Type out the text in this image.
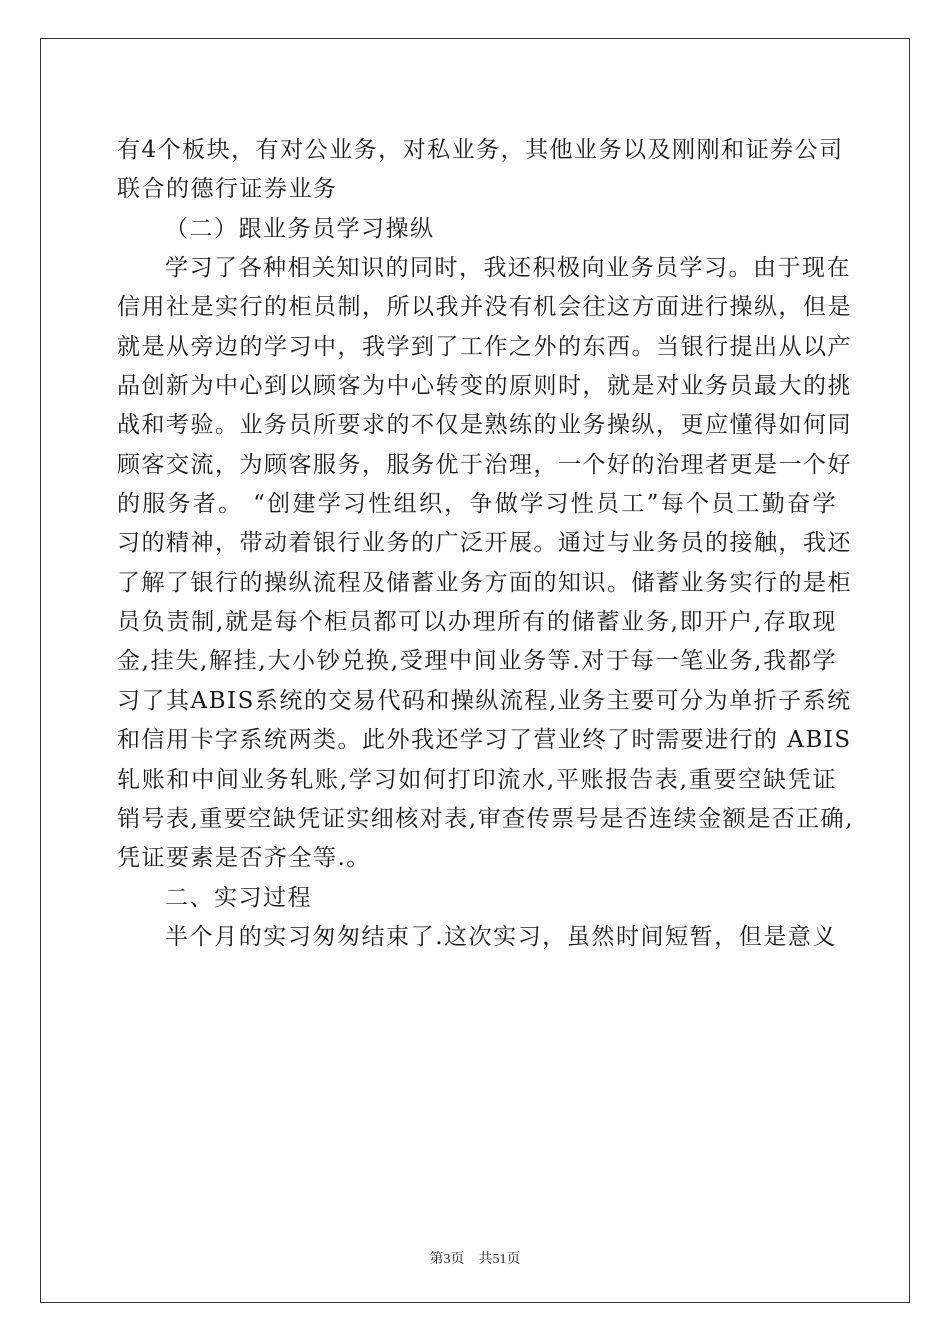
有4个板块，有对公业务，对私业务，其他业务以及刚刚和证券公司
联合的德行证券业务
（二）跟业务员学习操纵
学习了各种相关知识的同时，我还积极向业务员学习。由于现在
信用社是实行的柜员制，所以我并没有机会往这方面进行操纵，但是
就是从旁边的学习中，我学到了工作之外的东西。当银行提出从以产
品创新为中心到以顾客为中心转变的原则时，就是对业务员最大的挑
战和考验。业务员所要求的不仅是熟练的业务操纵，更应懂得如何同
顾客交流，为顾客服务，服务优于治理，一个好的治理者更是一个好
的服务者。 “创建学习性组织，争做学习性员工”每个员工勤奋学
习的精神，带动着银行业务的广泛开展。通过与业务员的接触，我还
了解了银行的操纵流程及储蓄业务方面的知识。储蓄业务实行的是柜
员负责制,就是每个柜员都可以办理所有的储蓄业务,即开户,存取现
金,挂失,解挂,大小钞兑换,受理中间业务等.对于每一笔业务,我都学
习了其ABIS系统的交易代码和操纵流程,业务主要可分为单折子系统
和信用卡字系统两类。此外我还学习了营业终了时需要进行的 ABIS
轧账和中间业务轧账,学习如何打印流水,平账报告表,重要空缺凭证
销号表,重要空缺凭证实细核对表,审查传票号是否连续金额是否正确,
凭证要素是否齐全等.。
二、实习过程
半个月的实习匆匆结束了.这次实习，虽然时间短暂，但是意义
第3页 共51页
